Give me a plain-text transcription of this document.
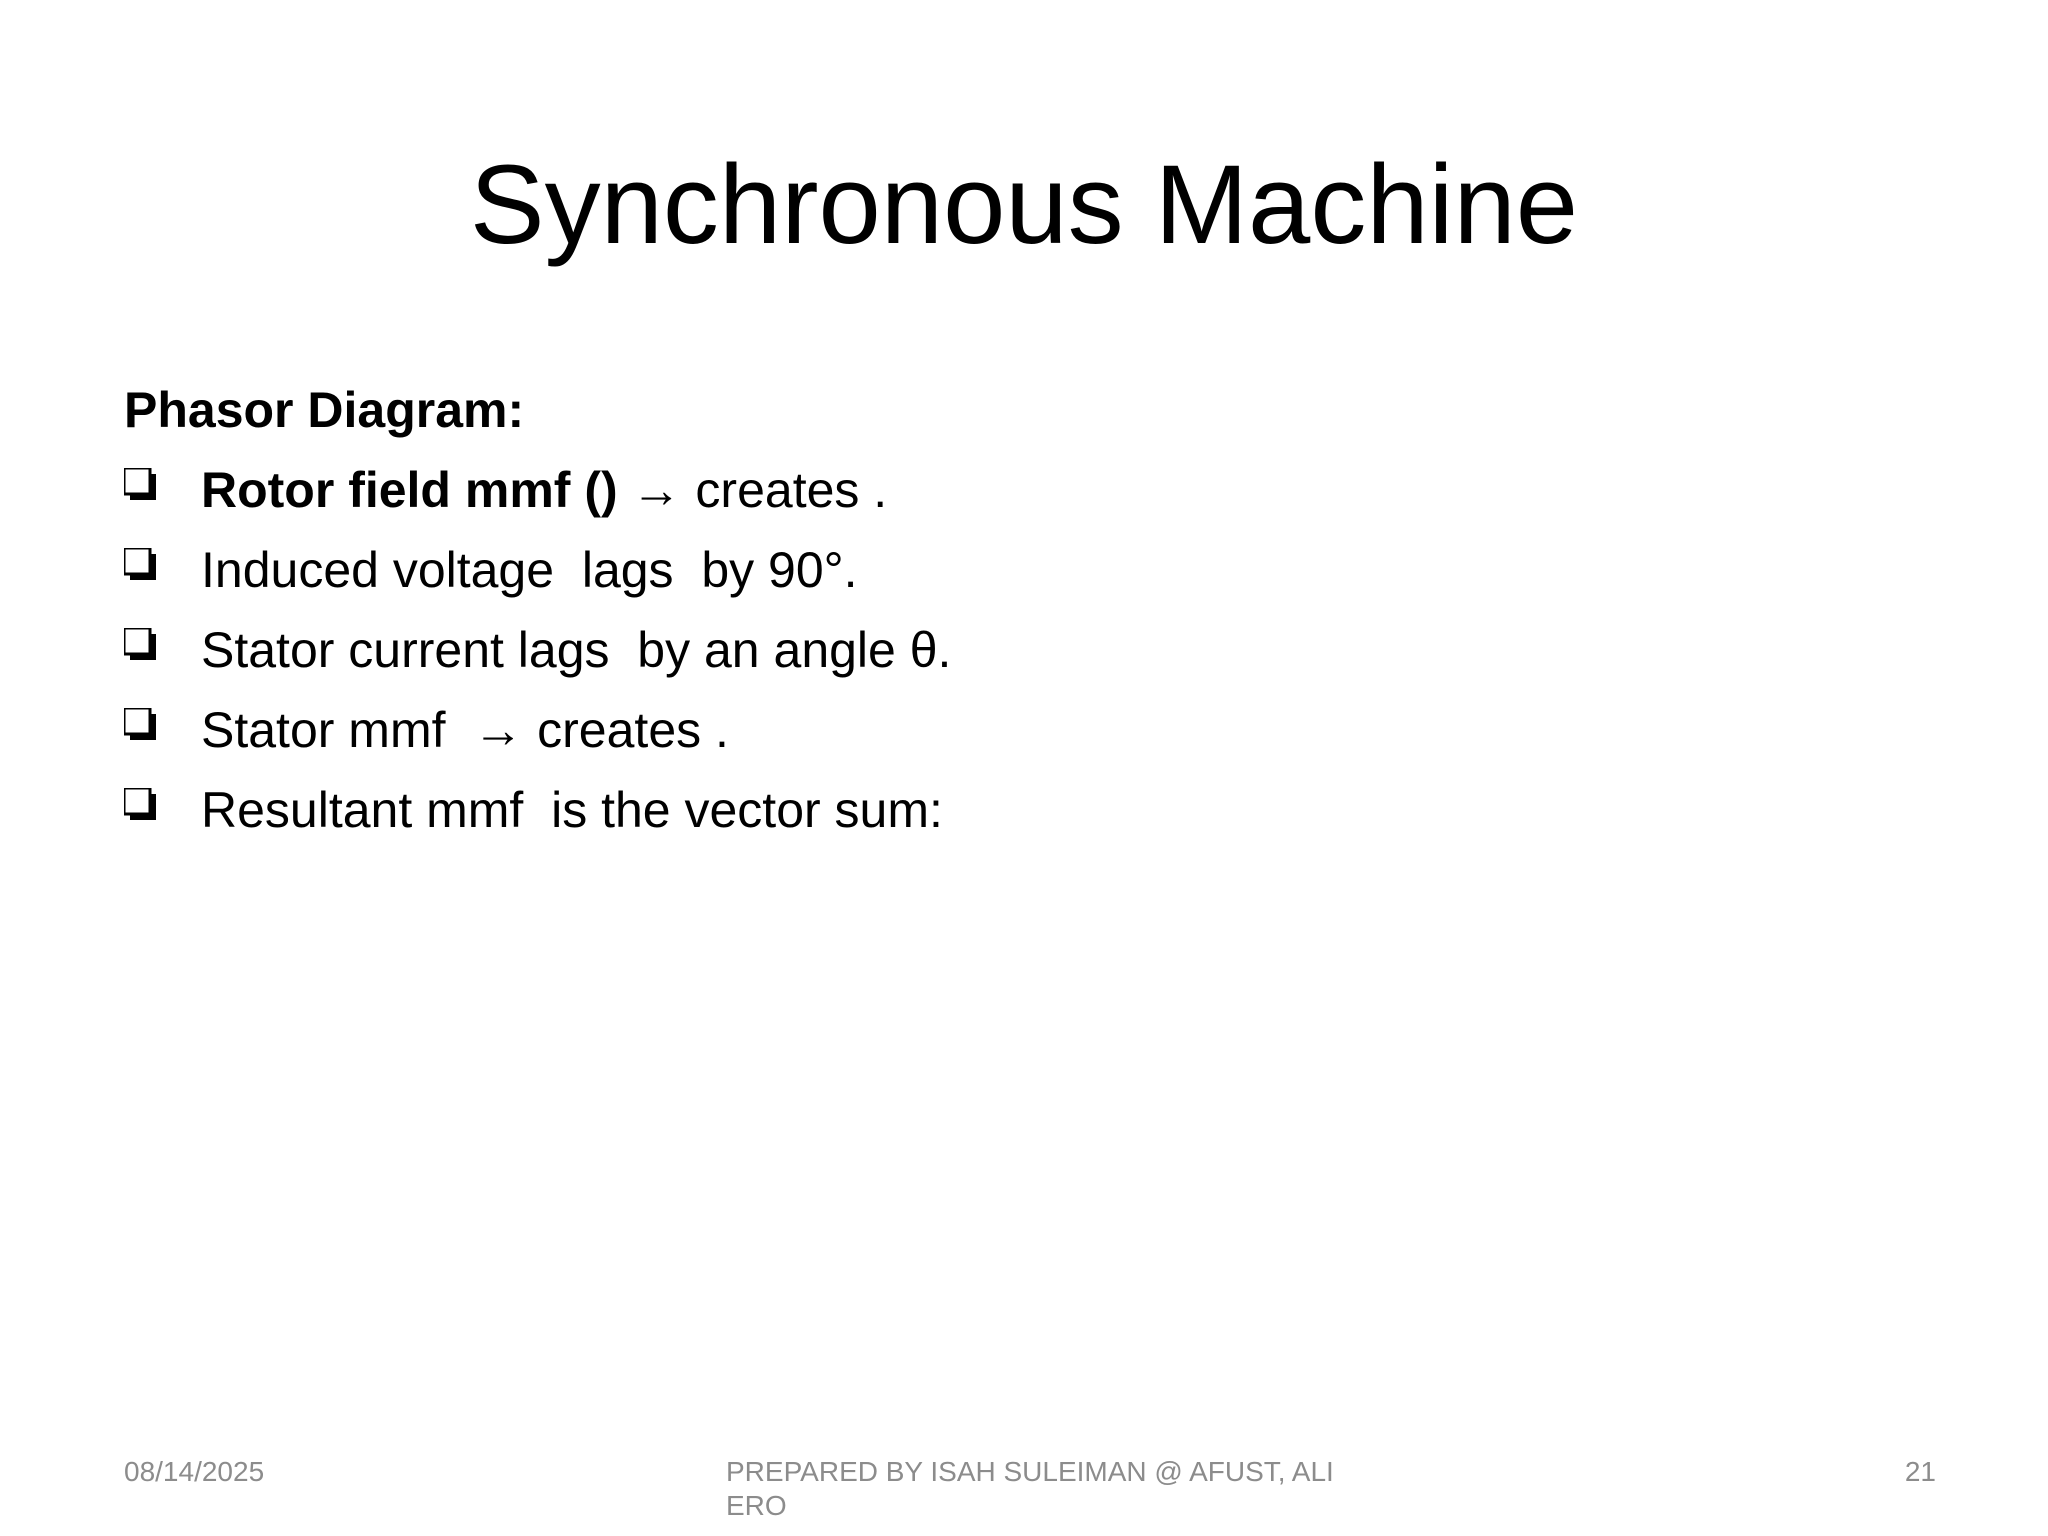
Synchronous Machine
Phasor Diagram:
Rotor field mmf () → creates .
Induced voltage  lags  by 90°.
Stator current lags  by an angle θ.
Stator mmf  → creates .
Resultant mmf  is the vector sum:
08/14/2025	PREPARED BY ISAH SULEIMAN @ AFUST, ALIERO
21
